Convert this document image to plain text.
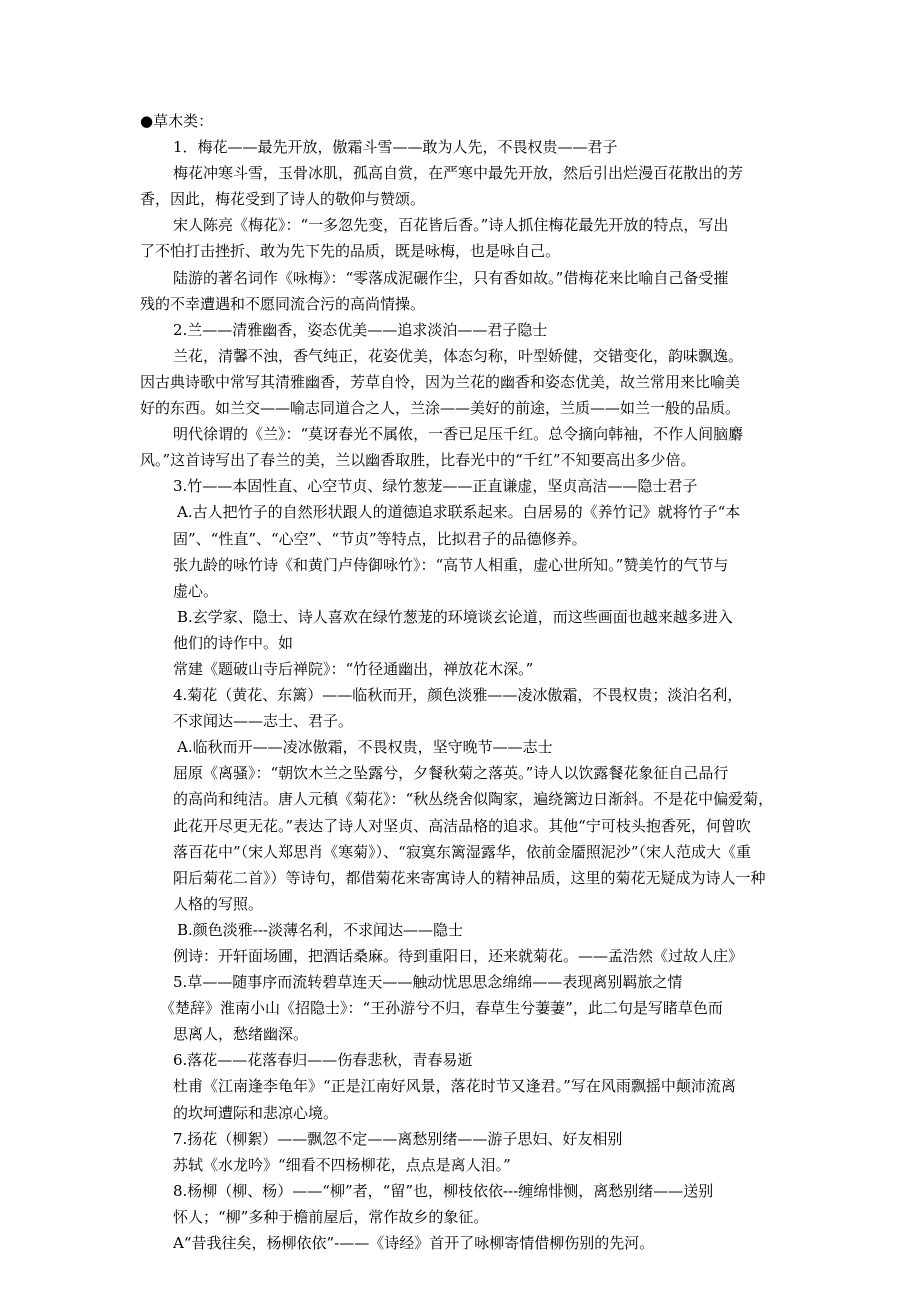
●草木类：
1．梅花——最先开放，傲霜斗雪——敢为人先，不畏权贵——君子
梅花冲寒斗雪，玉骨冰肌，孤高自赏，在严寒中最先开放，然后引出烂漫百花散出的芳
香，因此，梅花受到了诗人的敬仰与赞颂。
宋人陈亮《梅花》：“一多忽先变，百花皆后香。”诗人抓住梅花最先开放的特点，写出
了不怕打击挫折、敢为先下先的品质，既是咏梅，也是咏自己。
陆游的著名词作《咏梅》：“零落成泥碾作尘，只有香如故。”借梅花来比喻自己备受摧
残的不幸遭遇和不愿同流合污的高尚情操。
2.兰——清雅幽香，姿态优美——追求淡泊——君子隐士
兰花，清馨不浊，香气纯正，花姿优美，体态匀称，叶型娇健，交错变化，韵味飘逸。
因古典诗歌中常写其清雅幽香，芳草自怜，因为兰花的幽香和姿态优美，故兰常用来比喻美
好的东西。如兰交——喻志同道合之人，兰涂——美好的前途，兰质——如兰一般的品质。
明代徐谓的《兰》：“莫讶春光不属侬，一香已足压千红。总令摘向韩袖，不作人间脑麝
风。”这首诗写出了春兰的美，兰以幽香取胜，比春光中的“千红”不知要高出多少倍。
3.竹——本固性直、心空节贞、绿竹葱茏——正直谦虚，坚贞高洁——隐士君子
A.古人把竹子的自然形状跟人的道德追求联系起来。白居易的《养竹记》就将竹子“本
固”、“性直”、“心空”、“节贞”等特点，比拟君子的品德修养。
张九龄的咏竹诗《和黄门卢侍御咏竹》：“高节人相重，虚心世所知。”赞美竹的气节与
虚心。
B.玄学家、隐士、诗人喜欢在绿竹葱茏的环境谈玄论道，而这些画面也越来越多进入
他们的诗作中。如
常建《题破山寺后禅院》：“竹径通幽出，禅放花木深。”
4.菊花（黄花、东篱）——临秋而开，颜色淡雅——凌冰傲霜，不畏权贵；淡泊名利，
不求闻达——志士、君子。
A.临秋而开——凌冰傲霜，不畏权贵，坚守晚节——志士
屈原《离骚》：“朝饮木兰之坠露兮，夕餐秋菊之落英。”诗人以饮露餐花象征自己品行
的高尚和纯洁。唐人元稹《菊花》：“秋丛绕舍似陶家，遍绕篱边日渐斜。不是花中偏爱菊，
此花开尽更无花。”表达了诗人对坚贞、高洁品格的追求。其他“宁可枝头抱香死，何曾吹
落百花中”（宋人郑思肖《寒菊》）、“寂寞东篱湿露华，依前金靥照泥沙”（宋人范成大《重
阳后菊花二首》）等诗句，都借菊花来寄寓诗人的精神品质，这里的菊花无疑成为诗人一种
人格的写照。
B.颜色淡雅---淡薄名利，不求闻达——隐士
例诗：开轩面场圃，把酒话桑麻。待到重阳日，还来就菊花。——孟浩然《过故人庄》
5.草——随事序而流转碧草连天——触动忧思思念绵绵——表现离别羁旅之情
《楚辞》淮南小山《招隐士》：“王孙游兮不归，春草生兮萋萋”，此二句是写睹草色而
思离人，愁绪幽深。
6.落花——花落春归——伤春悲秋，青春易逝
杜甫《江南逢李龟年》“正是江南好风景，落花时节又逢君。”写在风雨飘摇中颠沛流离
的坎坷遭际和悲凉心境。
7.扬花（柳絮）——飘忽不定——离愁别绪——游子思妇、好友相别
苏轼《水龙吟》“细看不四杨柳花，点点是离人泪。”
8.杨柳（柳、杨）——“柳”者，“留”也，柳枝依依---缠绵悱恻，离愁别绪——送别
怀人；“柳”多种于檐前屋后，常作故乡的象征。
A“昔我往矣，杨柳依依”-——《诗经》首开了咏柳寄情借柳伤别的先河。
